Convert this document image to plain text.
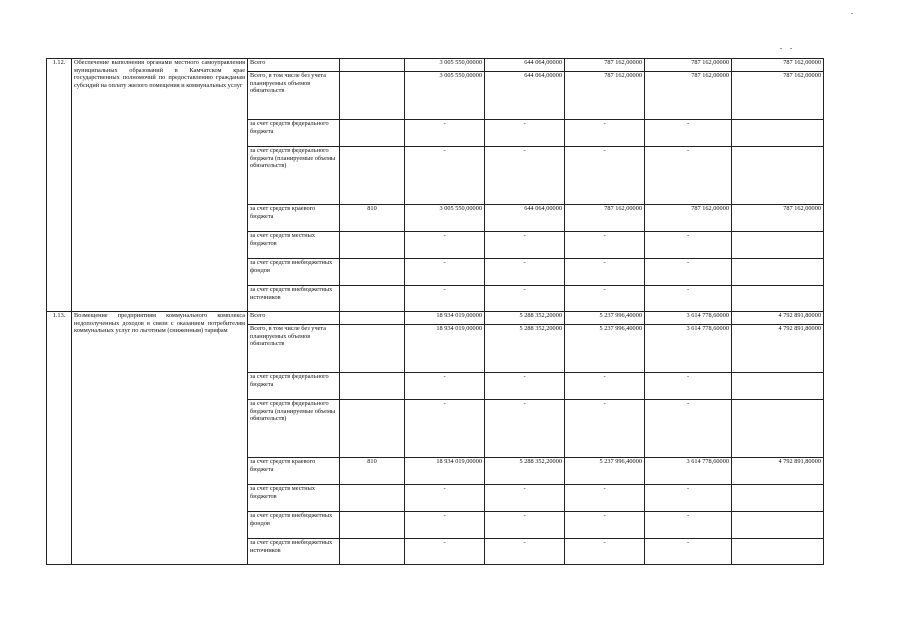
1.12.	Обеспечение выполнения органами местного самоуправления муниципальных образований в Камчатском крае государственных полномочий по предоставлению гражданам субсидий на оплату жилого помещения и коммунальных услуг	Всего		3 005 550,00000	644 064,00000	787 162,00000	787 162,00000	787 162,00000
		Всего, в том числе без учета планируемых объемов обязательств		3 005 550,00000	644 064,00000	787 162,00000	787 162,00000	787 162,00000
		за счет средств федерального бюджета		-	-	-	-	
		за счет средств федерального бюджета (планируемые объемы обязательств)		-	-	-	-	
		за счет средств краевого бюджета	810	3 005 550,00000	644 064,00000	787 162,00000	787 162,00000	787 162,00000
		за счет средств местных бюджетов		-	-	-	-	
		за счет средств внебюджетных фондов		-	-	-	-	
		за счет средств внебюджетных источников		-	-	-	-	
1.13.	Возмещение предприятиям коммунального комплекса недополученных доходов в связи с оказанием потребителям коммунальных услуг по льготным (сниженным) тарифам	Всего		18 934 019,00000	5 288 352,20000	5 237 996,40000	3 614 778,60000	4 792 891,80000
		Всего, в том числе без учета планируемых объемов обязательств		18 934 019,00000	5 288 352,20000	5 237 996,40000	3 614 778,60000	4 792 891,80000
		за счет средств федерального бюджета		-	-	-	-	
		за счет средств федерального бюджета (планируемые объемы обязательств)		-	-	-	-	
		за счет средств краевого бюджета	810	18 934 019,00000	5 288 352,20000	5 237 996,40000	3 614 778,60000	4 792 891,80000
		за счет средств местных бюджетов		-	-	-	-	
		за счет средств внебюджетных фондов		-	-	-	-	
		за счет средств внебюджетных источников		-	-	-	-	
